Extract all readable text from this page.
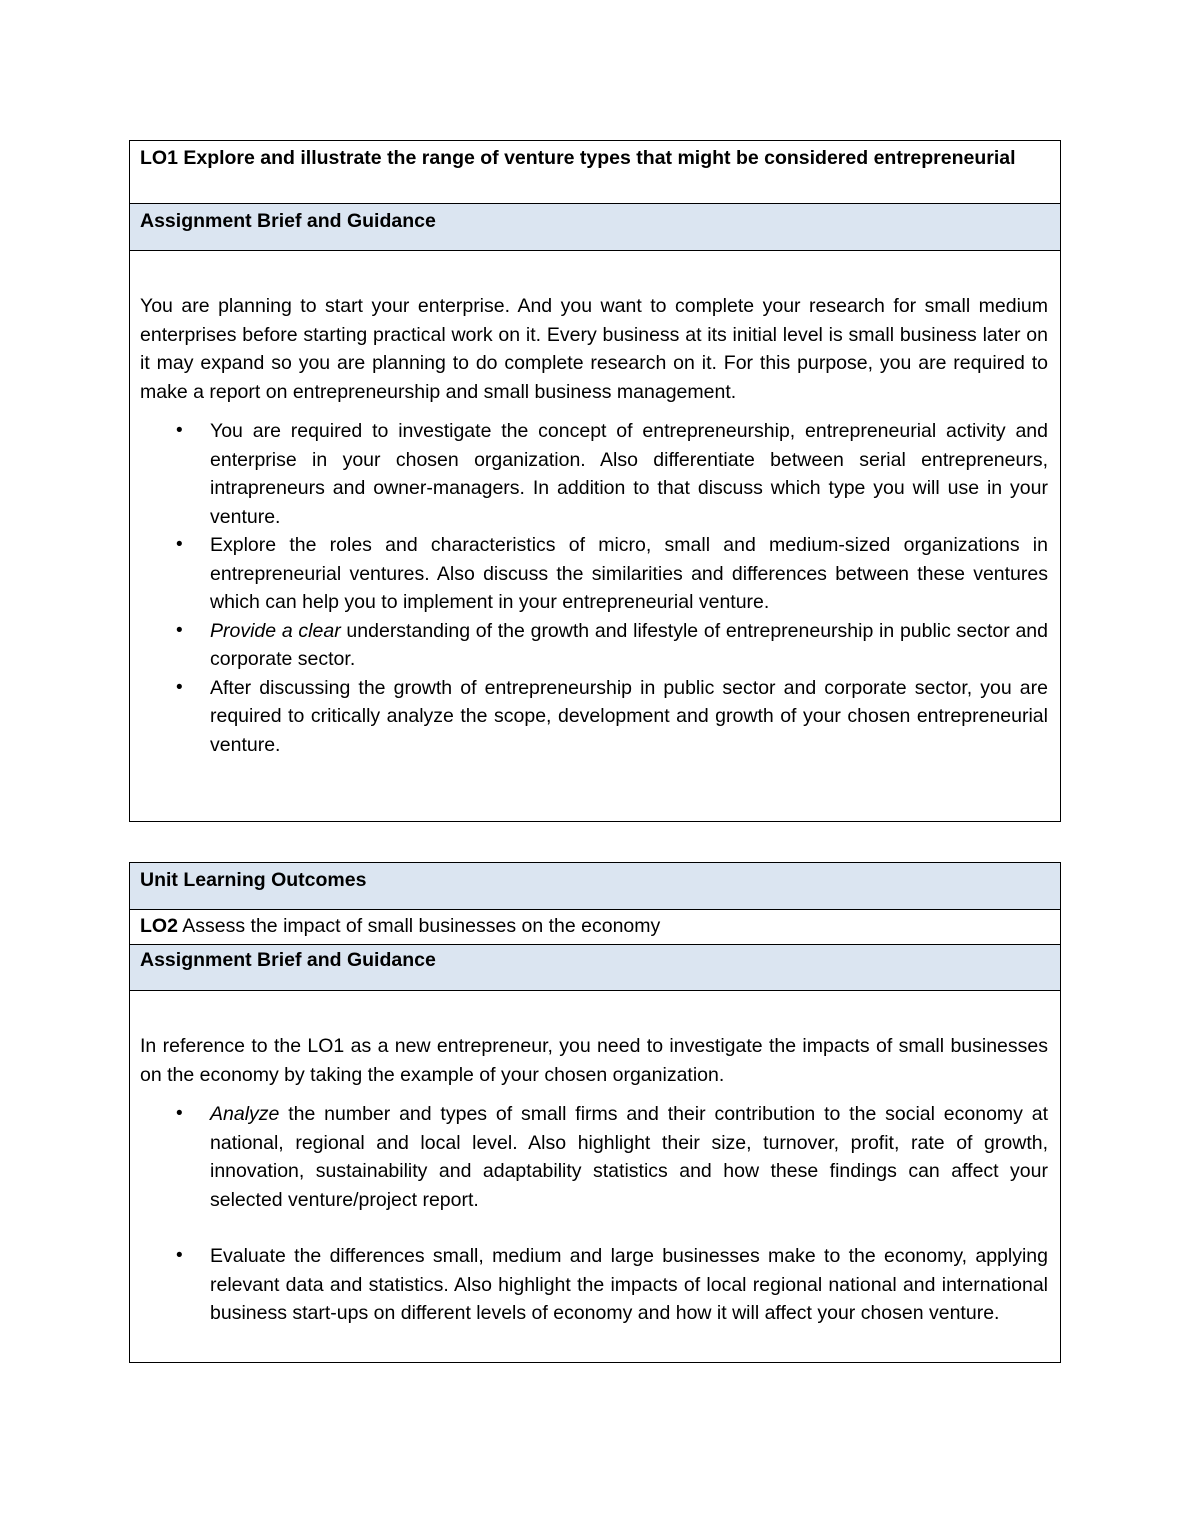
LO1 Explore and illustrate the range of venture types that might be considered entrepreneurial
Assignment Brief and Guidance

You are planning to start your enterprise. And you want to complete your research for small medium enterprises before starting practical work on it. Every business at its initial level is small business later on it may expand so you are planning to do complete research on it. For this purpose, you are required to make a report on entrepreneurship and small business management.

• You are required to investigate the concept of entrepreneurship, entrepreneurial activity and enterprise in your chosen organization. Also differentiate between serial entrepreneurs, intrapreneurs and owner-managers. In addition to that discuss which type you will use in your venture.
• Explore the roles and characteristics of micro, small and medium-sized organizations in entrepreneurial ventures. Also discuss the similarities and differences between these ventures which can help you to implement in your entrepreneurial venture.
• Provide a clear understanding of the growth and lifestyle of entrepreneurship in public sector and corporate sector.
• After discussing the growth of entrepreneurship in public sector and corporate sector, you are required to critically analyze the scope, development and growth of your chosen entrepreneurial venture.
Unit Learning Outcomes
LO2 Assess the impact of small businesses on the economy
Assignment Brief and Guidance

In reference to the LO1 as a new entrepreneur, you need to investigate the impacts of small businesses on the economy by taking the example of your chosen organization.

• Analyze the number and types of small firms and their contribution to the social economy at national, regional and local level. Also highlight their size, turnover, profit, rate of growth, innovation, sustainability and adaptability statistics and how these findings can affect your selected venture/project report.
• Evaluate the differences small, medium and large businesses make to the economy, applying relevant data and statistics. Also highlight the impacts of local regional national and international business start-ups on different levels of economy and how it will affect your chosen venture.
